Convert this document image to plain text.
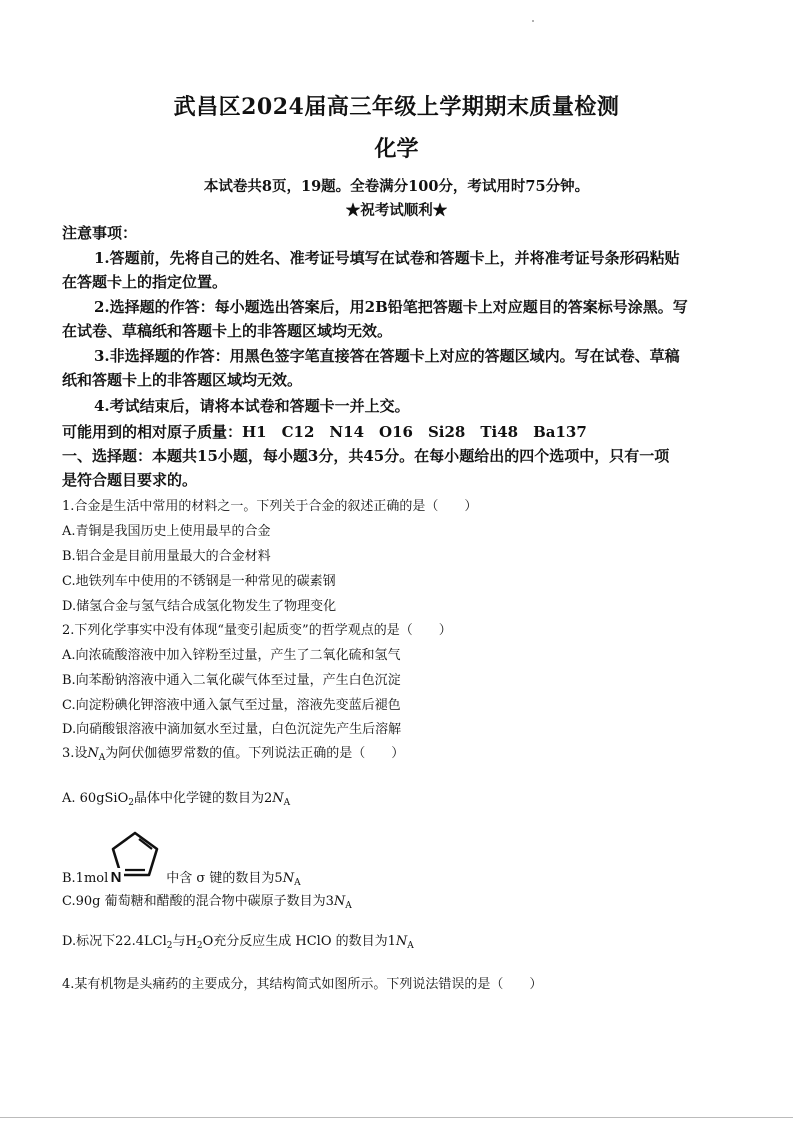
武昌区2024届高三年级上学期期末质量检测
化学
本试卷共8页，19题。全卷满分100分，考试用时75分钟。
★祝考试顺利★
注意事项：
1.答题前，先将自己的姓名、准考证号填写在试卷和答题卡上，并将准考证号条形码粘贴
在答题卡上的指定位置。
2.选择题的作答：每小题选出答案后，用2B铅笔把答题卡上对应题目的答案标号涂黑。写
在试卷、草稿纸和答题卡上的非答题区域均无效。
3.非选择题的作答：用黑色签字笔直接答在答题卡上对应的答题区域内。写在试卷、草稿
纸和答题卡上的非答题区域均无效。
4.考试结束后，请将本试卷和答题卡一并上交。
可能用到的相对原子质量：H1　C12　N14　O16　Si28　Ti48　Ba137
一、选择题：本题共15小题，每小题3分，共45分。在每小题给出的四个选项中，只有一项
是符合题目要求的。
1.合金是生活中常用的材料之一。下列关于合金的叙述正确的是（　　）
A.青铜是我国历史上使用最早的合金
B.铝合金是目前用量最大的合金材料
C.地铁列车中使用的不锈钢是一种常见的碳素钢
D.储氢合金与氢气结合成氢化物发生了物理变化
2.下列化学事实中没有体现“量变引起质变”的哲学观点的是（　　）
A.向浓硫酸溶液中加入锌粉至过量，产生了二氧化硫和氢气
B.向苯酚钠溶液中通入二氧化碳气体至过量，产生白色沉淀
C.向淀粉碘化钾溶液中通入氯气至过量，溶液先变蓝后褪色
D.向硝酸银溶液中滴加氨水至过量，白色沉淀先产生后溶解
3.设$N_A$为阿伏伽德罗常数的值。下列说法正确的是（　　）
A. 60gSiO$_2$晶体中化学键的数目为$2N_A$
N
B.1mol	中含 σ 键的数目为$5N_A$
C.90g 葡萄糖和醋酸的混合物中碳原子数目为$3N_A$
D.标况下22.4LCl$_2$与$H_2O$充分反应生成 HClO 的数目为$1N_A$
4.某有机物是头痛药的主要成分，其结构简式如图所示。下列说法错误的是（　　）
